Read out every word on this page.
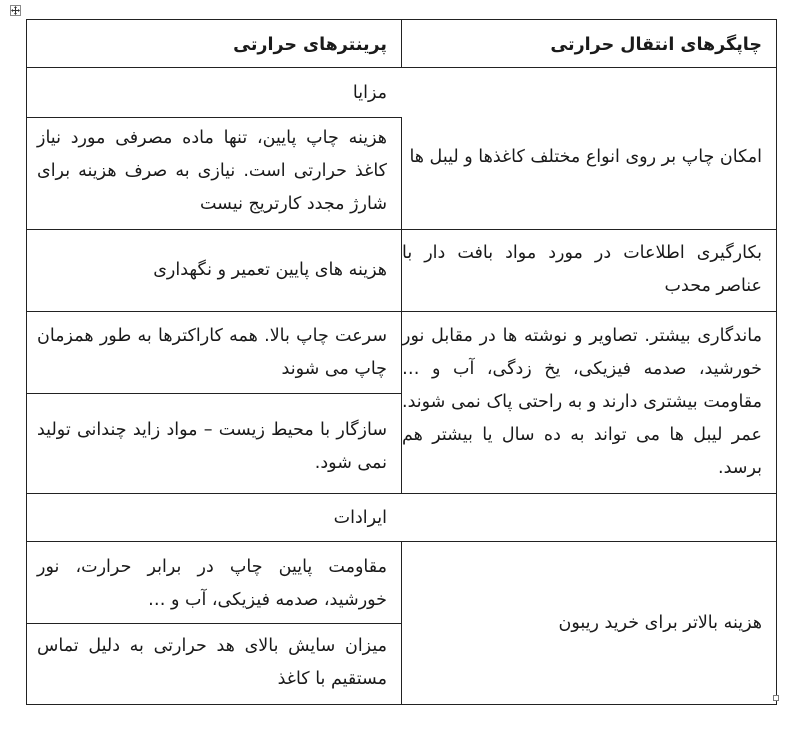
چاپگرهای انتقال حرارتی
پرینترهای حرارتی
مزایا
امکان چاپ بر روی انواع مختلف کاغذها و لیبل ها
بکارگیری اطلاعات در مورد مواد بافت دار با عناصر محدب
ماندگاری بیشتر. تصاویر و نوشته ها در مقابل نور خورشید، صدمه فیزیکی، یخ زدگی، آب و … مقاومت بیشتری دارند و به راحتی پاک نمی شوند. عمر لیبل ها می تواند به ده سال یا بیشتر هم برسد.
هزینه بالاتر برای خرید ریبون
هزینه چاپ پایین، تنها ماده مصرفی مورد نیاز کاغذ حرارتی است. نیازی به صرف هزینه برای شارژ مجدد کارتریج نیست
هزینه های پایین تعمیر و نگهداری
سرعت چاپ بالا. همه کاراکترها به طور همزمان چاپ می شوند
سازگار با محیط زیست – مواد زاید چندانی تولید نمی شود.
ایرادات
مقاومت پایین چاپ در برابر حرارت، نور خورشید، صدمه فیزیکی، آب و …
میزان سایش بالای هد حرارتی به دلیل تماس مستقیم با کاغذ
